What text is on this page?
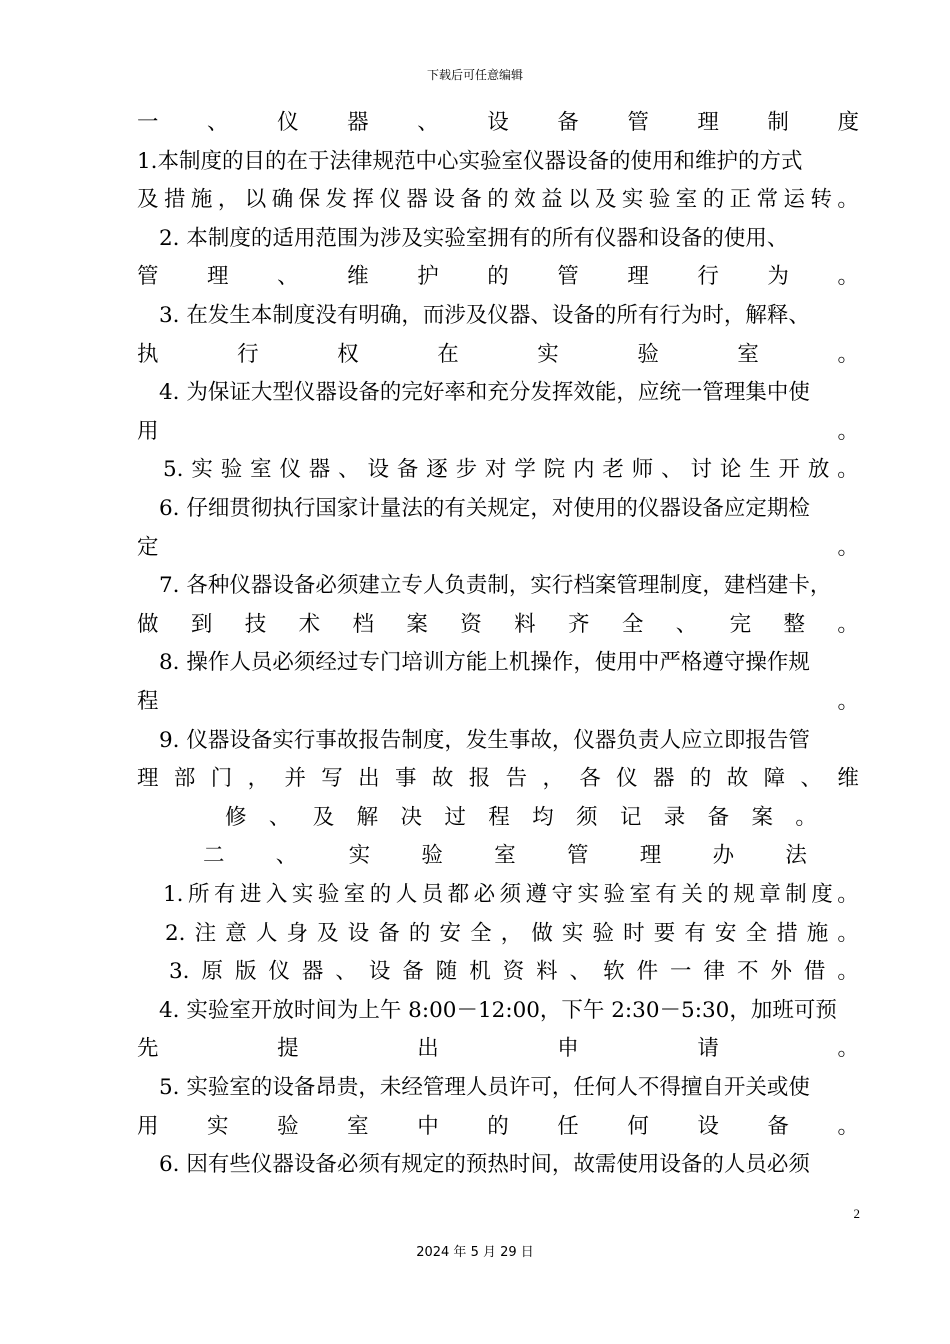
下载后可任意编辑
一 、 仪 器 、 设 备 管 理 制 度
1.本制度的目的在于法律规范中心实验室仪器设备的使用和维护的方式
及 措 施 ， 以 确 保 发 挥 仪 器 设 备 的 效 益 以 及 实 验 室 的 正 常 运 转 。
2. 本制度的适用范围为涉及实验室拥有的所有仪器和设备的使用、
管 理 、 维 护 的 管 理 行 为 。
3. 在发生本制度没有明确，而涉及仪器、设备的所有行为时，解释、
执	行	权	在	实	验	室	。
4. 为保证大型仪器设备的完好率和充分发挥效能，应统一管理集中使
用	。
5. 实 验 室 仪 器 、 设 备 逐 步 对 学 院 内 老 师 、 讨 论 生 开 放 。
6. 仔细贯彻执行国家计量法的有关规定，对使用的仪器设备应定期检
定	。
7. 各种仪器设备必须建立专人负责制，实行档案管理制度，建档建卡，
做 到 技 术 档 案 资 料 齐 全 、 完 整 。
8. 操作人员必须经过专门培训方能上机操作，使用中严格遵守操作规
程	。
9. 仪器设备实行事故报告制度，发生事故，仪器负责人应立即报告管
理 部 门 ， 并 写 出 事 故 报 告 ， 各 仪 器 的 故 障 、 维
修 、 及 解 决 过 程 均 须 记 录 备 案 。
二 、 实 验 室 管 理 办 法
1. 所 有 进 入 实 验 室 的 人 员 都 必 须 遵 守 实 验 室 有 关 的 规 章 制 度 。
2. 注 意 人 身 及 设 备 的 安 全 ， 做 实 验 时 要 有 安 全 措 施 。
3. 原 版 仪 器 、 设 备 随 机 资 料 、 软 件 一 律 不 外 借 。
4. 实验室开放时间为上午 8:00－12:00，下午 2:30－5:30，加班可预
先	提	出	申	请	。
5. 实验室的设备昂贵，未经管理人员许可，任何人不得擅自开关或使
用 实 验 室 中 的 任 何 设 备 。
6. 因有些仪器设备必须有规定的预热时间，故需使用设备的人员必须
2
2024 年 5 月 29 日
